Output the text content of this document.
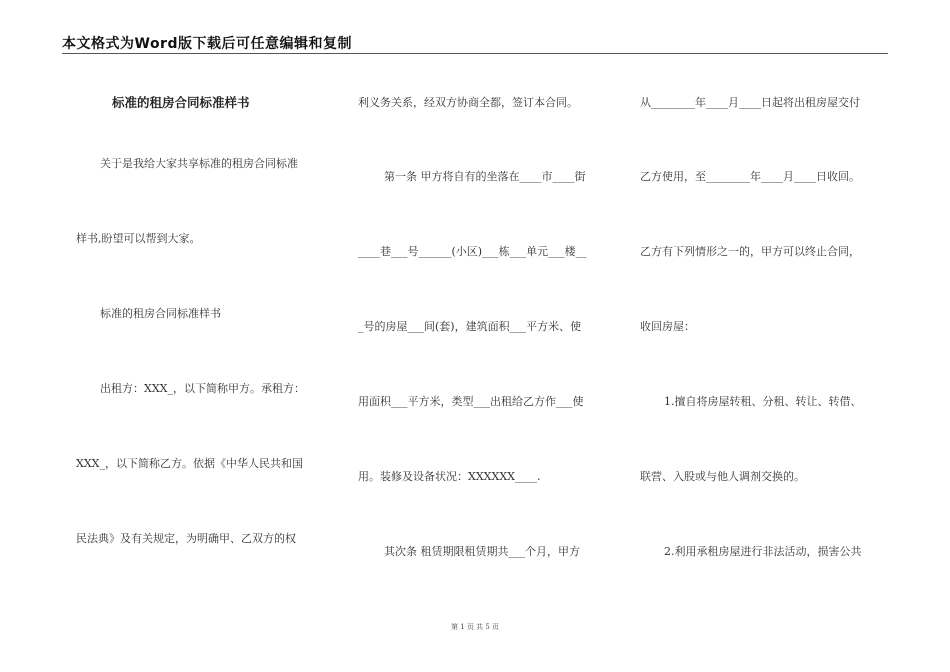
本文格式为Word版下载后可任意编辑和复制
标准的租房合同标准样书
关于是我给大家共享标准的租房合同标准
样书,盼望可以帮到大家。
标准的租房合同标准样书
出租方：XXX_，以下简称甲方。承租方：
XXX_，以下简称乙方。依据《中华人民共和国
民法典》及有关规定，为明确甲、乙双方的权
利义务关系，经双方协商全都，签订本合同。
第一条 甲方将自有的坐落在____市____街
____巷___号______(小区)___栋___单元___楼__
_号的房屋___间(套)，建筑面积___平方米、使
用面积___平方米，类型___出租给乙方作___使
用。装修及设备状况：XXXXXX____.
其次条 租赁期限租赁期共___个月，甲方
从________年____月____日起将出租房屋交付
乙方使用，至________年____月____日收回。
乙方有下列情形之一的，甲方可以终止合同，
收回房屋：
1.擅自将房屋转租、分租、转让、转借、
联营、入股或与他人调剂交换的。
2.利用承租房屋进行非法活动，损害公共
第 1 页 共 5 页
